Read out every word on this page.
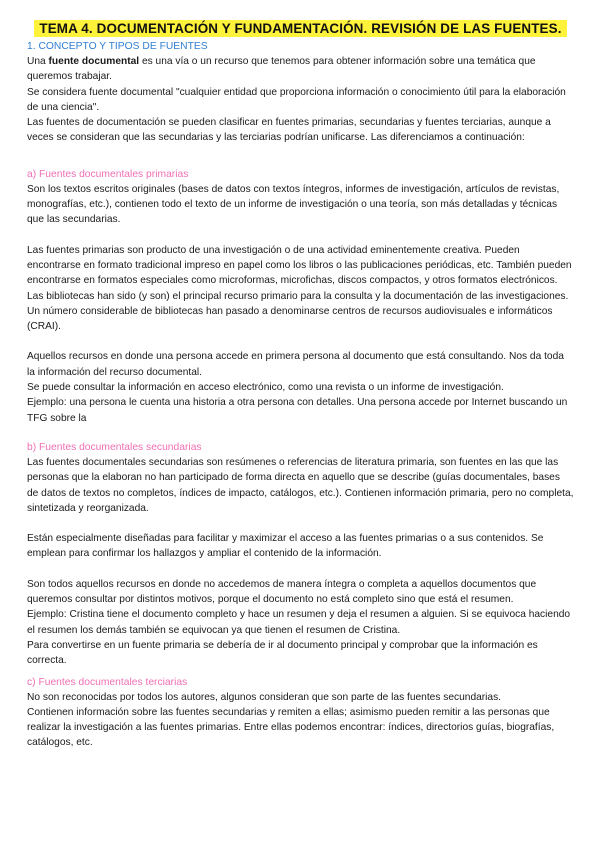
TEMA 4. DOCUMENTACIÓN Y FUNDAMENTACIÓN. REVISIÓN DE LAS FUENTES.
1. CONCEPTO Y TIPOS DE FUENTES

Una fuente documental es una vía o un recurso que tenemos para obtener información sobre una temática que queremos trabajar.

Se considera fuente documental "cualquier entidad que proporciona información o conocimiento útil para la elaboración de una ciencia".

Las fuentes de documentación se pueden clasificar en fuentes primarias, secundarias y fuentes terciarias, aunque a veces se consideran que las secundarias y las terciarias podrían unificarse. Las diferenciamos a continuación:

a) Fuentes documentales primarias

Son los textos escritos originales (bases de datos con textos íntegros, informes de investigación, artículos de revistas, monografías, etc.), contienen todo el texto de un informe de investigación o una teoría, son más detalladas y técnicas que las secundarias.

Las fuentes primarias son producto de una investigación o de una actividad eminentemente creativa. Pueden encontrarse en formato tradicional impreso en papel como los libros o las publicaciones periódicas, etc. También pueden encontrarse en formatos especiales como microformas, microfichas, discos compactos, y otros formatos electrónicos. Las bibliotecas han sido (y son) el principal recurso primario para la consulta y la documentación de las investigaciones. Un número considerable de bibliotecas han pasado a denominarse centros de recursos audiovisuales e informáticos (CRAI).

Aquellos recursos en donde una persona accede en primera persona al documento que está consultando. Nos da toda la información del recurso documental.

Se puede consultar la información en acceso electrónico, como una revista o un informe de investigación.

Ejemplo: una persona le cuenta una historia a otra persona con detalles. Una persona accede por Internet buscando un TFG sobre la

b) Fuentes documentales secundarias

Las fuentes documentales secundarias son resúmenes o referencias de literatura primaria, son fuentes en las que las personas que la elaboran no han participado de forma directa en aquello que se describe (guías documentales, bases de datos de textos no completos, índices de impacto, catálogos, etc.). Contienen información primaria, pero no completa, sintetizada y reorganizada.

Están especialmente diseñadas para facilitar y maximizar el acceso a las fuentes primarias o a sus contenidos. Se emplean para confirmar los hallazgos y ampliar el contenido de la información.

Son todos aquellos recursos en donde no accedemos de manera íntegra o completa a aquellos documentos que queremos consultar por distintos motivos, porque el documento no está completo sino que está el resumen.

Ejemplo: Cristina tiene el documento completo y hace un resumen y deja el resumen a alguien. Si se equivoca haciendo el resumen los demás también se equivocan ya que tienen el resumen de Cristina.

Para convertirse en un fuente primaria se debería de ir al documento principal y comprobar que la información es correcta.

c) Fuentes documentales terciarias

No son reconocidas por todos los autores, algunos consideran que son parte de las fuentes secundarias.

Contienen información sobre las fuentes secundarias y remiten a ellas; asimismo pueden remitir a las personas que realizar la investigación a las fuentes primarias. Entre ellas podemos encontrar: índices, directorios guías, biografías, catálogos, etc.
